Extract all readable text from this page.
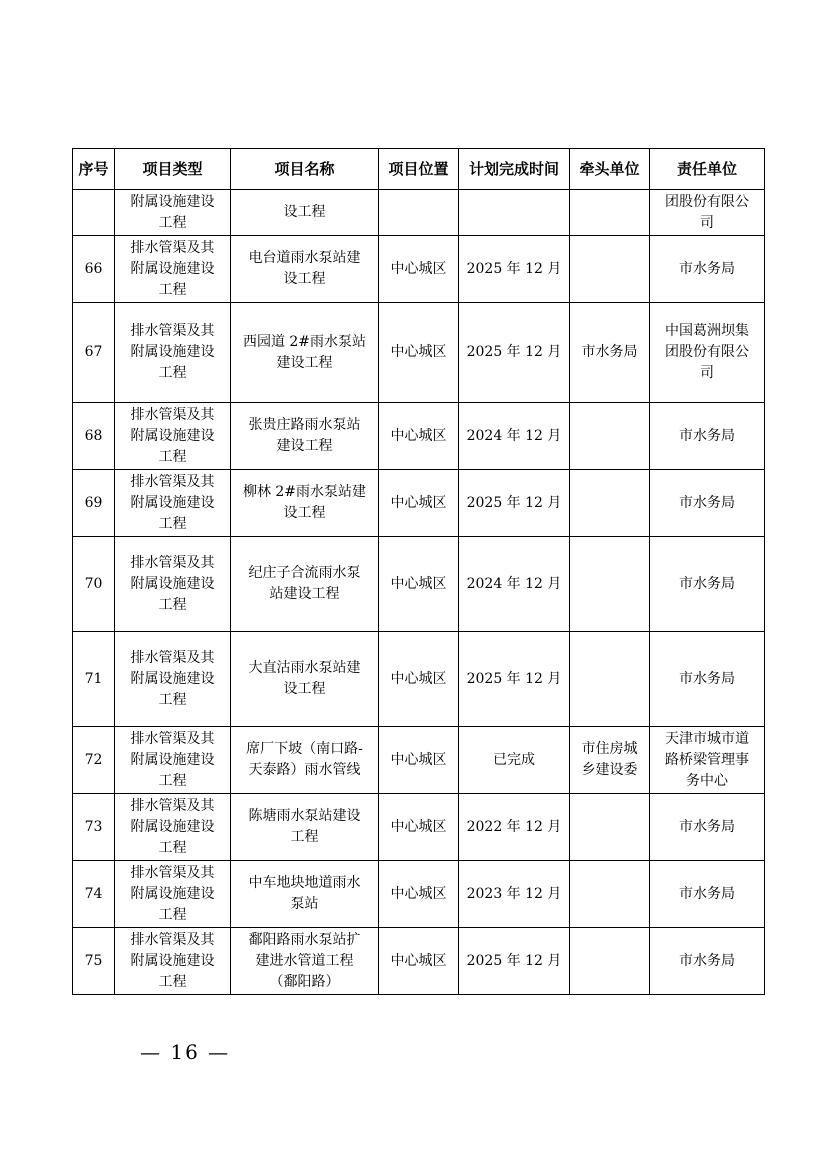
序号	项目类型	项目名称	项目位置	计划完成时间	牵头单位	责任单位
	附属设施建设
工程	设工程				团股份有限公
司
66	排水管渠及其
附属设施建设
工程	电台道雨水泵站建
设工程	中心城区	2025 年 12 月		市水务局
67	排水管渠及其
附属设施建设
工程	西园道 2#雨水泵站
建设工程	中心城区	2025 年 12 月	市水务局	中国葛洲坝集
团股份有限公
司
68	排水管渠及其
附属设施建设
工程	张贵庄路雨水泵站
建设工程	中心城区	2024 年 12 月		市水务局
69	排水管渠及其
附属设施建设
工程	柳林 2#雨水泵站建
设工程	中心城区	2025 年 12 月		市水务局
70	排水管渠及其
附属设施建设
工程	纪庄子合流雨水泵
站建设工程	中心城区	2024 年 12 月		市水务局
71	排水管渠及其
附属设施建设
工程	大直沽雨水泵站建
设工程	中心城区	2025 年 12 月		市水务局
72	排水管渠及其
附属设施建设
工程	席厂下坡（南口路-
天泰路）雨水管线	中心城区	已完成	市住房城
乡建设委	天津市城市道
路桥梁管理事
务中心
73	排水管渠及其
附属设施建设
工程	陈塘雨水泵站建设
工程	中心城区	2022 年 12 月		市水务局
74	排水管渠及其
附属设施建设
工程	中车地块地道雨水
泵站	中心城区	2023 年 12 月		市水务局
75	排水管渠及其
附属设施建设
工程	鄱阳路雨水泵站扩
建进水管道工程
（鄱阳路）	中心城区	2025 年 12 月		市水务局
— 16 —
